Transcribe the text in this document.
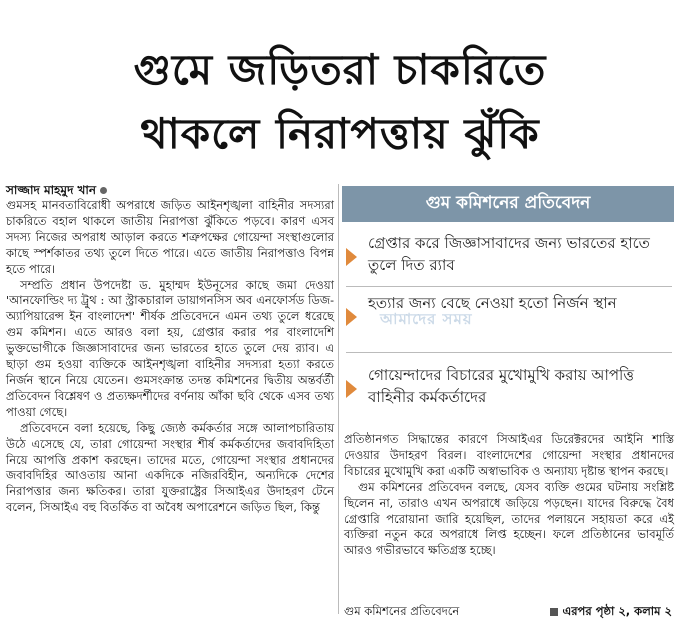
গুমে জড়িতরা চাকরিতে
থাকলে নিরাপত্তায় ঝুঁকি
সাজ্জাদ মাহমুদ খান

গুমসহ মানবতাবিরোধী অপরাধে জড়িত আইনশৃঙ্খলা বাহিনীর সদস্যরা চাকরিতে বহাল থাকলে জাতীয় নিরাপত্তা ঝুঁকিতে পড়বে। কারণ এসব সদস্য নিজের অপরাধ আড়াল করতে শত্রুপক্ষের গোয়েন্দা সংস্থাগুলোর কাছে স্পর্শকাতর তথ্য তুলে দিতে পারে। এতে জাতীয় নিরাপত্তাও বিপন্ন হতে পারে।

সম্প্রতি প্রধান উপদেষ্টা ড. মুহাম্মদ ইউনূসের কাছে জমা দেওয়া 'আনফোল্ডিং দ্য ট্রুথ : আ স্ট্রাকচারাল ডায়াগনসিস অব এনফোর্সড ডিজ-অ্যাপিয়ারেন্স ইন বাংলাদেশ' শীর্ষক প্রতিবেদনে এমন তথ্য তুলে ধরেছে গুম কমিশন। এতে আরও বলা হয়, গ্রেপ্তার করার পর বাংলাদেশি ভুক্তভোগীকে জিজ্ঞাসাবাদের জন্য ভারতের হাতে তুলে দেয় র‍্যাব। এ ছাড়া গুম হওয়া ব্যক্তিকে আইনশৃঙ্খলা বাহিনীর সদস্যরা হত্যা করতে নির্জন স্থানে নিয়ে যেতেন। গুমসংক্রান্ত তদন্ত কমিশনের দ্বিতীয় অন্তর্বর্তী প্রতিবেদন বিশ্লেষণ ও প্রত্যক্ষদর্শীদের বর্ণনায় আঁকা ছবি থেকে এসব তথ্য পাওয়া গেছে।

প্রতিবেদনে বলা হয়েছে, কিছু জ্যেষ্ঠ কর্মকর্তার সঙ্গে আলাপচারিতায় উঠে এসেছে যে, তারা গোয়েন্দা সংস্থার শীর্ষ কর্মকর্তাদের জবাবদিহিতা নিয়ে আপত্তি প্রকাশ করছেন। তাদের মতে, গোয়েন্দা সংস্থার প্রধানদের জবাবদিহির আওতায় আনা একদিকে নজিরবিহীন, অন্যদিকে দেশের নিরাপত্তার জন্য ক্ষতিকর। তারা যুক্তরাষ্ট্রের সিআইএর উদাহরণ টেনে বলেন, সিআইএ বহু বিতর্কিত বা অবৈধ অপারেশনে জড়িত ছিল, কিন্তু

গুম কমিশনের প্রতিবেদন
গ্রেপ্তার করে জিজ্ঞাসাবাদের জন্য ভারতের হাতে তুলে দিত র‍্যাব
হত্যার জন্য বেছে নেওয়া হতো নির্জন স্থান
আমাদের সময়
গোয়েন্দাদের বিচারের মুখোমুখি করায় আপত্তি বাহিনীর কর্মকর্তাদের

প্রতিষ্ঠানগত সিদ্ধান্তের কারণে সিআইএর ডিরেক্টরদের আইনি শাস্তি দেওয়ার উদাহরণ বিরল। বাংলাদেশের গোয়েন্দা সংস্থার প্রধানদের বিচারের মুখোমুখি করা একটি অস্বাভাবিক ও অন্যায্য দৃষ্টান্ত স্থাপন করছে।

গুম কমিশনের প্রতিবেদন বলছে, যেসব ব্যক্তি গুমের ঘটনায় সংশ্লিষ্ট ছিলেন না, তারাও এখন অপরাধে জড়িয়ে পড়ছেন। যাদের বিরুদ্ধে বৈধ গ্রেপ্তারি পরোয়ানা জারি হয়েছিল, তাদের পলায়নে সহায়তা করে এই ব্যক্তিরা নতুন করে অপরাধে লিপ্ত হচ্ছেন। ফলে প্রতিষ্ঠানের ভাবমূর্তি আরও গভীরভাবে ক্ষতিগ্রস্ত হচ্ছে।

গুম কমিশনের প্রতিবেদনে	এরপর পৃষ্ঠা ২, কলাম ২
